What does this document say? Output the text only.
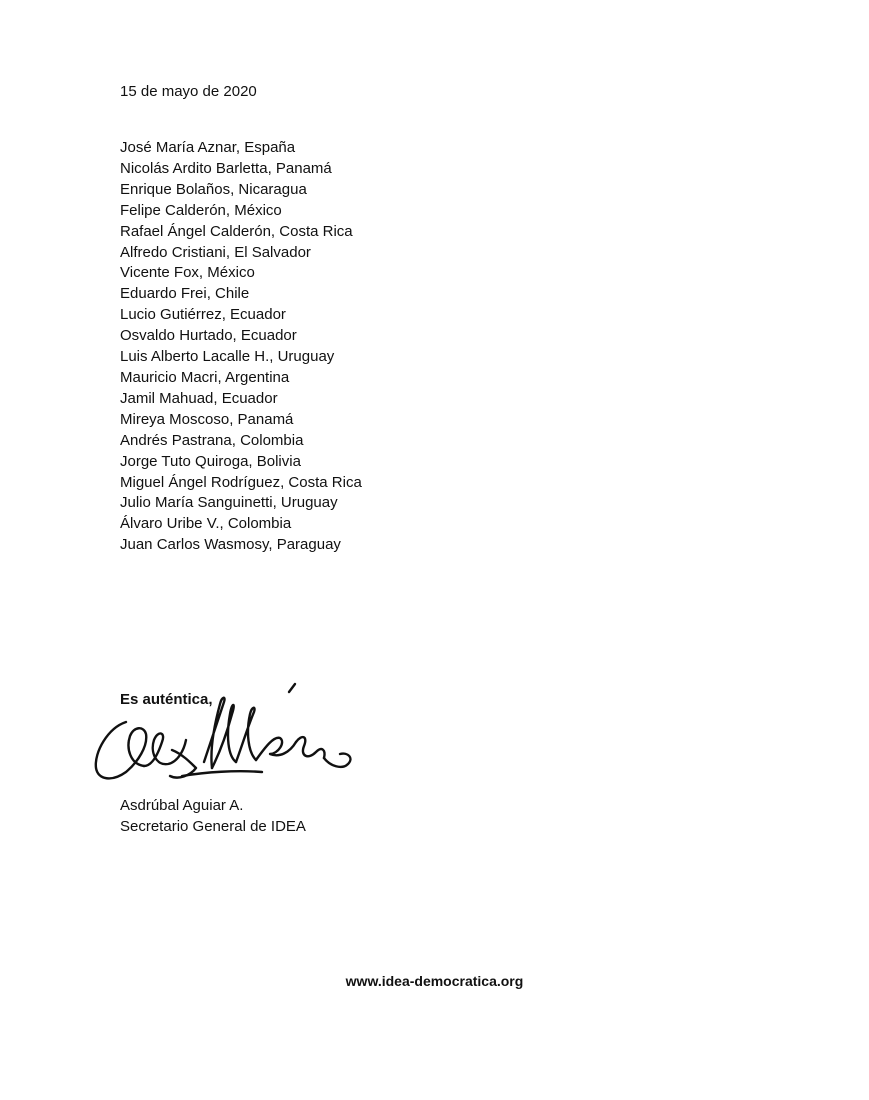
15 de mayo de 2020

José María Aznar, España
Nicolás Ardito Barletta, Panamá
Enrique Bolaños, Nicaragua
Felipe Calderón, México
Rafael Ángel Calderón, Costa Rica
Alfredo Cristiani, El Salvador
Vicente Fox, México
Eduardo Frei, Chile
Lucio Gutiérrez, Ecuador
Osvaldo Hurtado, Ecuador
Luis Alberto Lacalle H., Uruguay
Mauricio Macri, Argentina
Jamil Mahuad, Ecuador
Mireya Moscoso, Panamá
Andrés Pastrana, Colombia
Jorge Tuto Quiroga, Bolivia
Miguel Ángel Rodríguez, Costa Rica
Julio María Sanguinetti, Uruguay
Álvaro Uribe V., Colombia
Juan Carlos Wasmosy, Paraguay

Es auténtica,

Asdrúbal Aguiar A.
Secretario General de IDEA
www.idea-democratica.org
